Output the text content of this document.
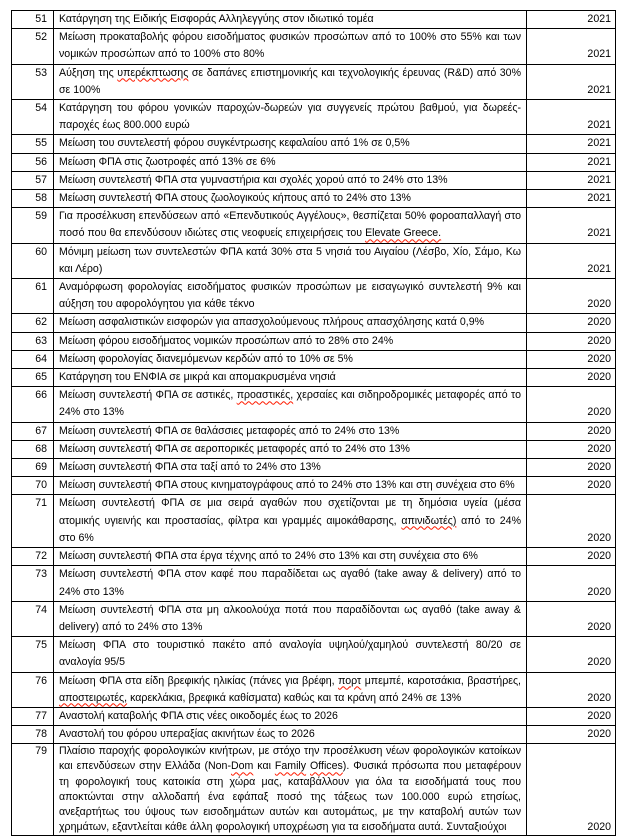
51	Κατάργηση της Ειδικής Εισφοράς Αλληλεγγύης στον ιδιωτικό τομέα	2021
52	Μείωση προκαταβολής φόρου εισοδήματος φυσικών προσώπων από το 100% στο 55% και των νομικών προσώπων από το 100% στο 80%	2021
53	Αύξηση της υπερέκπτωσης σε δαπάνες επιστημονικής και τεχνολογικής έρευνας (R&D) από 30% σε 100%	2021
54	Κατάργηση του φόρου γονικών παροχών-δωρεών για συγγενείς πρώτου βαθμού, για δωρεές-παροχές έως 800.000 ευρώ	2021
55	Μείωση του συντελεστή φόρου συγκέντρωσης κεφαλαίου από 1% σε 0,5%	2021
56	Μείωση ΦΠΑ στις ζωοτροφές από 13% σε 6%	2021
57	Μείωση συντελεστή ΦΠΑ στα γυμναστήρια και σχολές χορού από το 24% στο 13%	2021
58	Μείωση συντελεστή ΦΠΑ στους ζωολογικούς κήπους από το 24% στο 13%	2021
59	Για προσέλκυση επενδύσεων από «Επενδυτικούς Αγγέλους», θεσπίζεται 50% φοροαπαλλαγή στο ποσό που θα επενδύσουν ιδιώτες στις νεοφυείς επιχειρήσεις του Elevate Greece.	2021
60	Μόνιμη μείωση των συντελεστών ΦΠΑ κατά 30% στα 5 νησιά του Αιγαίου (Λέσβο, Χίο, Σάμο, Κω και Λέρο)	2021
61	Αναμόρφωση φορολογίας εισοδήματος φυσικών προσώπων με εισαγωγικό συντελεστή 9% και αύξηση του αφορολόγητου για κάθε τέκνο	2020
62	Μείωση ασφαλιστικών εισφορών για απασχολούμενους πλήρους απασχόλησης κατά 0,9%	2020
63	Μείωση φόρου εισοδήματος νομικών προσώπων από το 28% στο 24%	2020
64	Μείωση φορολογίας διανεμόμενων κερδών από το 10% σε 5%	2020
65	Κατάργηση του ΕΝΦΙΑ σε μικρά και απομακρυσμένα νησιά	2020
66	Μείωση συντελεστή ΦΠΑ σε αστικές, προαστικές, χερσαίες και σιδηροδρομικές μεταφορές από το 24% στο 13%	2020
67	Μείωση συντελεστή ΦΠΑ σε θαλάσσιες μεταφορές από το 24% στο 13%	2020
68	Μείωση συντελεστή ΦΠΑ σε αεροπορικές μεταφορές από το 24% στο 13%	2020
69	Μείωση συντελεστή ΦΠΑ στα ταξί από το 24% στο 13%	2020
70	Μείωση συντελεστή ΦΠΑ στους κινηματογράφους από το 24% στο 13% και στη συνέχεια στο 6%	2020
71	Μείωση συντελεστή ΦΠΑ σε μια σειρά αγαθών που σχετίζονται με τη δημόσια υγεία (μέσα ατομικής υγιεινής και προστασίας, φίλτρα και γραμμές αιμοκάθαρσης, απινιδωτές) από το 24% στο 6%	2020
72	Μείωση συντελεστή ΦΠΑ στα έργα τέχνης από το 24% στο 13% και στη συνέχεια στο 6%	2020
73	Μείωση συντελεστή ΦΠΑ στον καφέ που παραδίδεται ως αγαθό (take away & delivery) από το 24% στο 13%	2020
74	Μείωση συντελεστή ΦΠΑ στα μη αλκοολούχα ποτά που παραδίδονται ως αγαθό (take away & delivery) από το 24% στο 13%	2020
75	Μείωση ΦΠΑ στο τουριστικό πακέτο από αναλογία υψηλού/χαμηλού συντελεστή 80/20 σε αναλογία 95/5	2020
76	Μείωση ΦΠΑ στα είδη βρεφικής ηλικίας (πάνες για βρέφη, πορτ μπεμπέ, καροτσάκια, βραστήρες, αποστειρωτές, καρεκλάκια, βρεφικά καθίσματα) καθώς και τα κράνη από 24% σε 13%	2020
77	Αναστολή καταβολής ΦΠΑ στις νέες οικοδομές έως το 2026	2020
78	Αναστολή του φόρου υπεραξίας ακινήτων έως το 2026	2020
79	Πλαίσιο παροχής φορολογικών κινήτρων, με στόχο την προσέλκυση νέων φορολογικών κατοίκων και επενδύσεων στην Ελλάδα (Non-Dom και Family Offices). Φυσικά πρόσωπα που μεταφέρουν τη φορολογική τους κατοικία στη χώρα μας, καταβάλλουν για όλα τα εισοδήματά τους που αποκτώνται στην αλλοδαπή ένα εφάπαξ ποσό της τάξεως των 100.000 ευρώ ετησίως, ανεξαρτήτως του ύψους των εισοδημάτων αυτών και αυτομάτως, με την καταβολή αυτών των χρημάτων, εξαντλείται κάθε άλλη φορολογική υποχρέωση για τα εισοδήματα αυτά. Συνταξιούχοι	2020
